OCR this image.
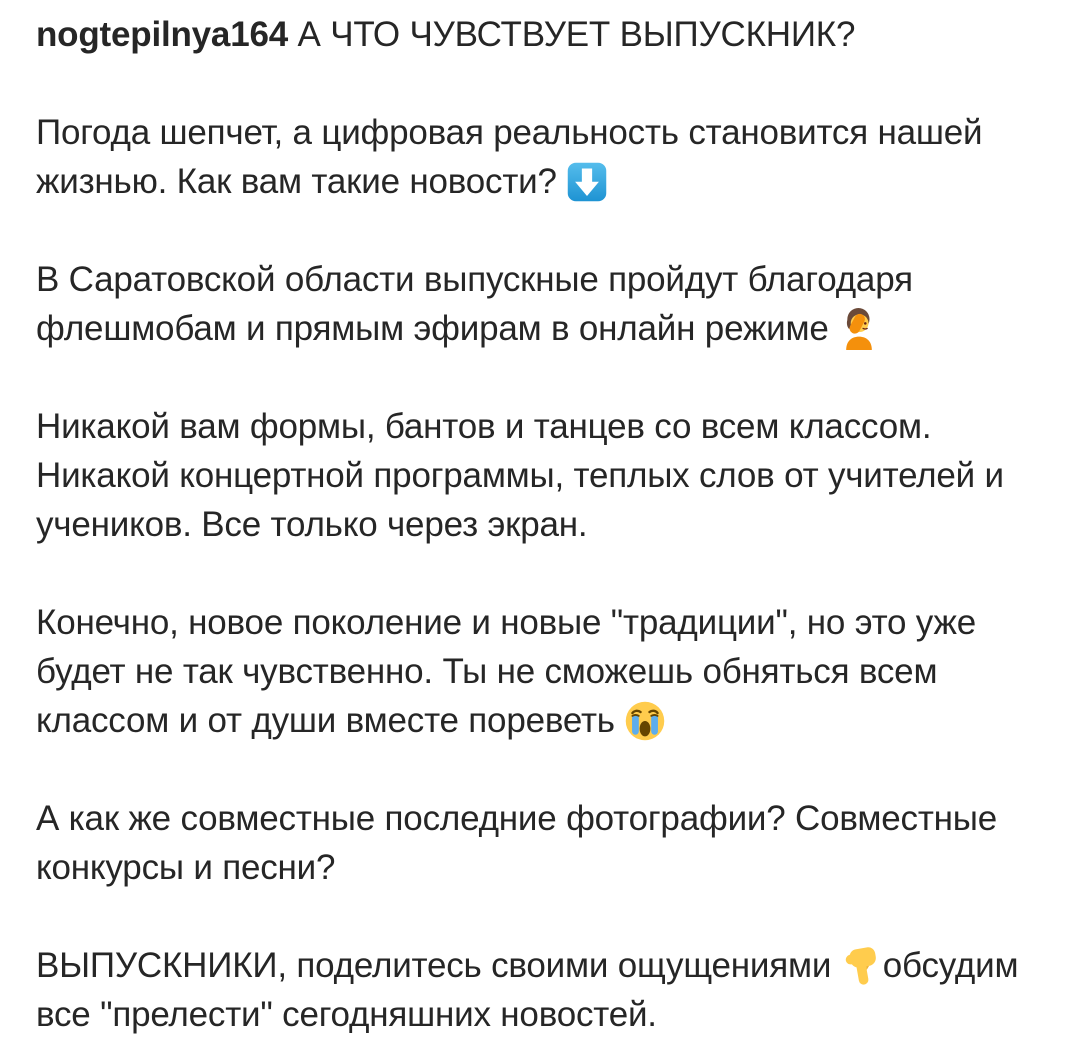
nogtepilnya164 А ЧТО ЧУВСТВУЕТ ВЫПУСКНИК?

Погода шепчет, а цифровая реальность становится нашей жизнью. Как вам такие новости?

В Саратовской области выпускные пройдут благодаря флешмобам и прямым эфирам в онлайн режиме

Никакой вам формы, бантов и танцев со всем классом. Никакой концертной программы, теплых слов от учителей и учеников. Все только через экран.

Конечно, новое поколение и новые "традиции", но это уже будет не так чувственно. Ты не сможешь обняться всем классом и от души вместе пореветь

А как же совместные последние фотографии? Совместные конкурсы и песни?

ВЫПУСКНИКИ, поделитесь своими ощущениями
обсудим все "прелести" сегодняшних новостей.
